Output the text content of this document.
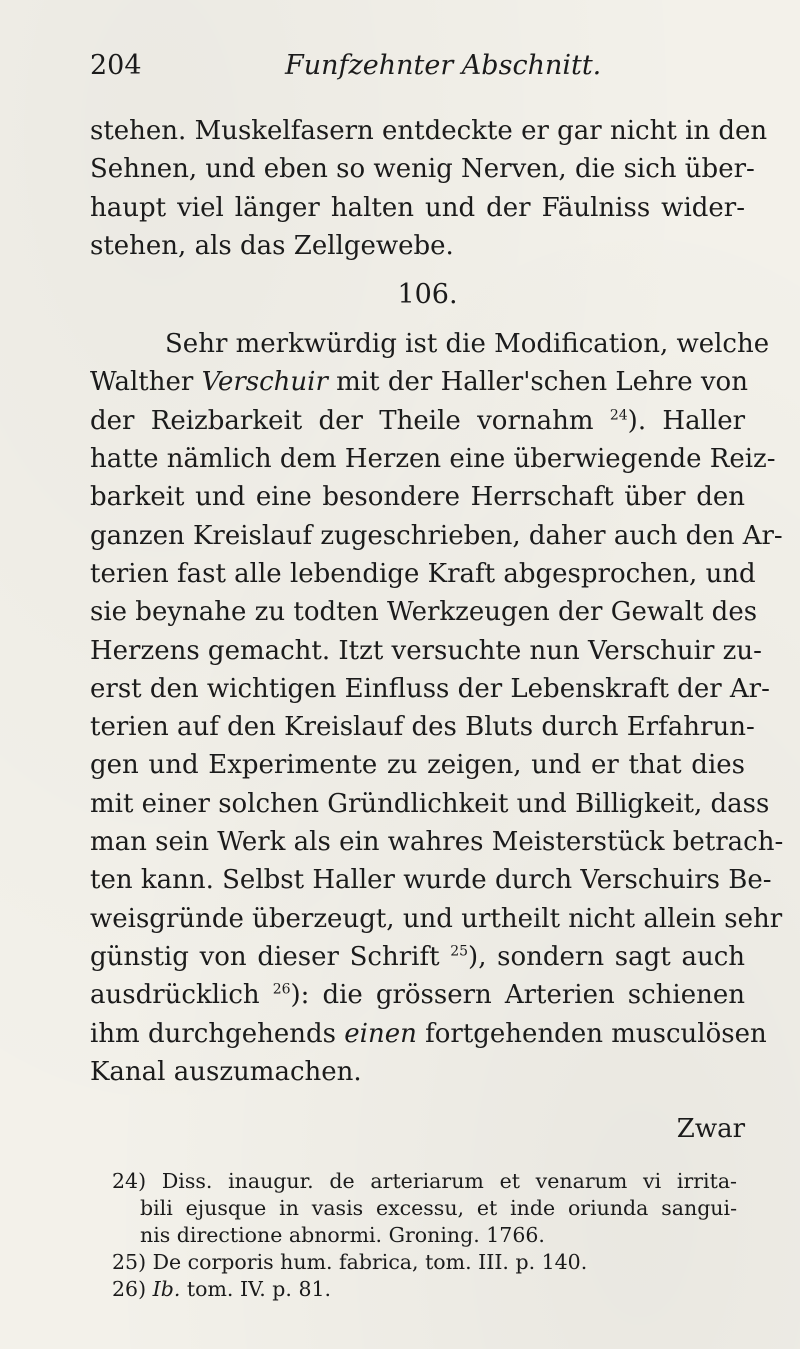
204	Funfzehnter Abschnitt.
stehen. Muskelfasern entdeckte er gar nicht in den
Sehnen, und eben so wenig Nerven, die sich über-
haupt viel länger halten und der Fäulniss wider-
stehen, als das Zellgewebe.
106.
Sehr merkwürdig ist die Modification, welche
Walther Verschuir mit der Haller'schen Lehre von
der Reizbarkeit der Theile vornahm $^{24}$). Haller
hatte nämlich dem Herzen eine überwiegende Reiz-
barkeit und eine besondere Herrschaft über den
ganzen Kreislauf zugeschrieben, daher auch den Ar-
terien fast alle lebendige Kraft abgesprochen, und
sie beynahe zu todten Werkzeugen der Gewalt des
Herzens gemacht. Itzt versuchte nun Verschuir zu-
erst den wichtigen Einfluss der Lebenskraft der Ar-
terien auf den Kreislauf des Bluts durch Erfahrun-
gen und Experimente zu zeigen, und er that dies
mit einer solchen Gründlichkeit und Billigkeit, dass
man sein Werk als ein wahres Meisterstück betrach-
ten kann. Selbst Haller wurde durch Verschuirs Be-
weisgründe überzeugt, und urtheilt nicht allein sehr
günstig von dieser Schrift $^{25}$), sondern sagt auch
ausdrücklich $^{26}$): die grössern Arterien schienen
ihm durchgehends einen fortgehenden musculösen
Kanal auszumachen.
Zwar
24) Diss. inaugur. de arteriarum et venarum vi irrita-
bili ejusque in vasis excessu, et inde oriunda sangui-
nis directione abnormi. Groning. 1766.
25) De corporis hum. fabrica, tom. III. p. 140.
26) Ib. tom. IV. p. 81.
